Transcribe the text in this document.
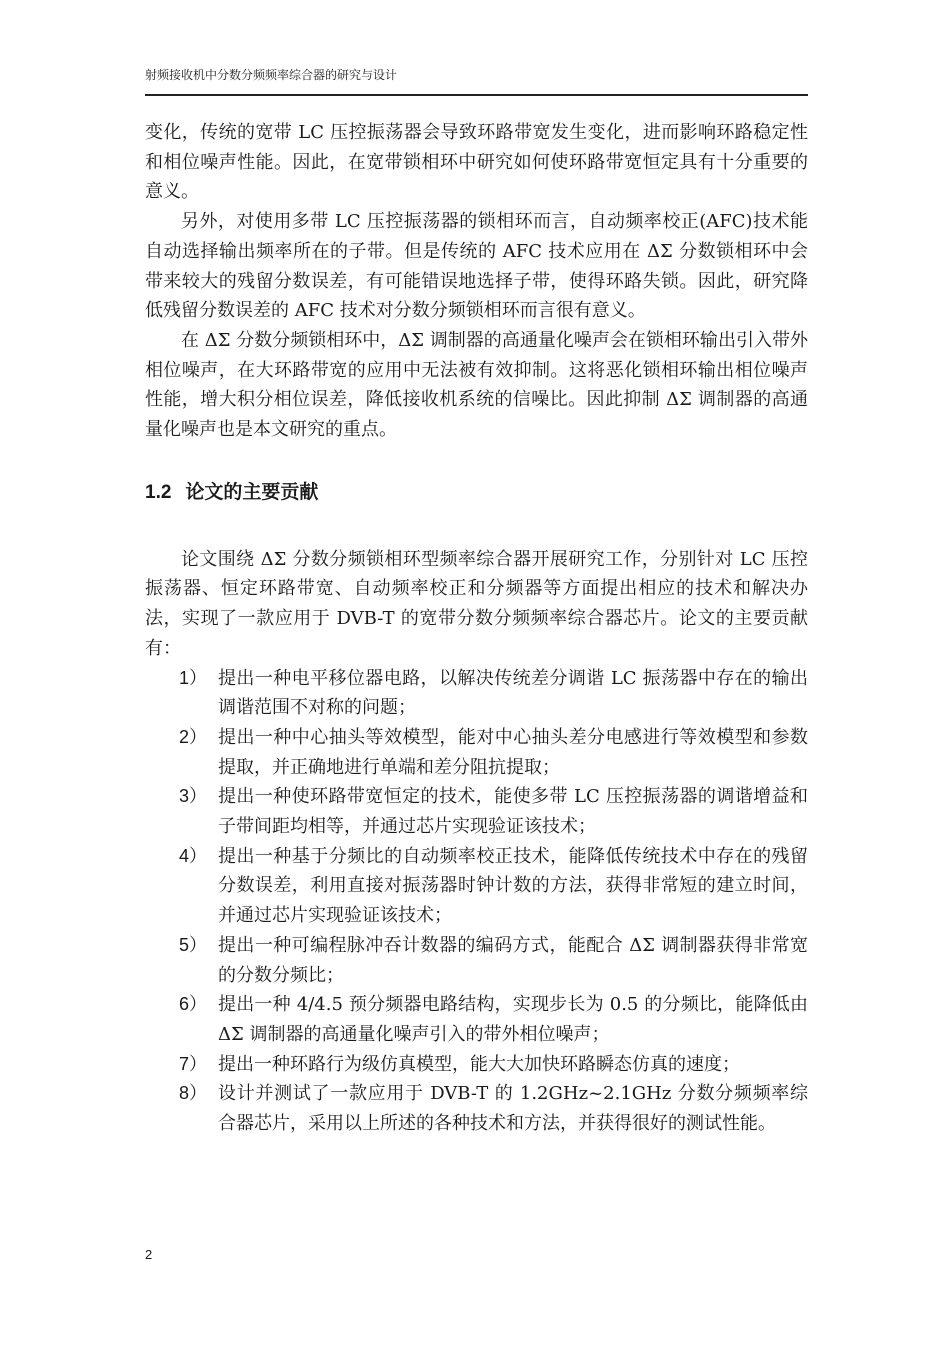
射频接收机中分数分频频率综合器的研究与设计

变化，传统的宽带 LC 压控振荡器会导致环路带宽发生变化，进而影响环路稳定性和相位噪声性能。因此，在宽带锁相环中研究如何使环路带宽恒定具有十分重要的意义。

另外，对使用多带 LC 压控振荡器的锁相环而言，自动频率校正(AFC)技术能自动选择输出频率所在的子带。但是传统的 AFC 技术应用在 ΔΣ 分数锁相环中会带来较大的残留分数误差，有可能错误地选择子带，使得环路失锁。因此，研究降低残留分数误差的 AFC 技术对分数分频锁相环而言很有意义。

在 ΔΣ 分数分频锁相环中，ΔΣ 调制器的高通量化噪声会在锁相环输出引入带外相位噪声，在大环路带宽的应用中无法被有效抑制。这将恶化锁相环输出相位噪声性能，增大积分相位误差，降低接收机系统的信噪比。因此抑制 ΔΣ 调制器的高通量化噪声也是本文研究的重点。

1.2 论文的主要贡献

论文围绕 ΔΣ 分数分频锁相环型频率综合器开展研究工作，分别针对 LC 压控振荡器、恒定环路带宽、自动频率校正和分频器等方面提出相应的技术和解决办法，实现了一款应用于 DVB-T 的宽带分数分频频率综合器芯片。论文的主要贡献有：

1） 提出一种电平移位器电路，以解决传统差分调谐 LC 振荡器中存在的输出调谐范围不对称的问题；
2） 提出一种中心抽头等效模型，能对中心抽头差分电感进行等效模型和参数提取，并正确地进行单端和差分阻抗提取；
3） 提出一种使环路带宽恒定的技术，能使多带 LC 压控振荡器的调谐增益和子带间距均相等，并通过芯片实现验证该技术；
4） 提出一种基于分频比的自动频率校正技术，能降低传统技术中存在的残留分数误差，利用直接对振荡器时钟计数的方法，获得非常短的建立时间，并通过芯片实现验证该技术；
5） 提出一种可编程脉冲吞计数器的编码方式，能配合 ΔΣ 调制器获得非常宽的分数分频比；
6） 提出一种 4/4.5 预分频器电路结构，实现步长为 0.5 的分频比，能降低由 ΔΣ 调制器的高通量化噪声引入的带外相位噪声；
7） 提出一种环路行为级仿真模型，能大大加快环路瞬态仿真的速度；
8） 设计并测试了一款应用于 DVB-T 的 1.2GHz~2.1GHz 分数分频频率综合器芯片，采用以上所述的各种技术和方法，并获得很好的测试性能。
2
